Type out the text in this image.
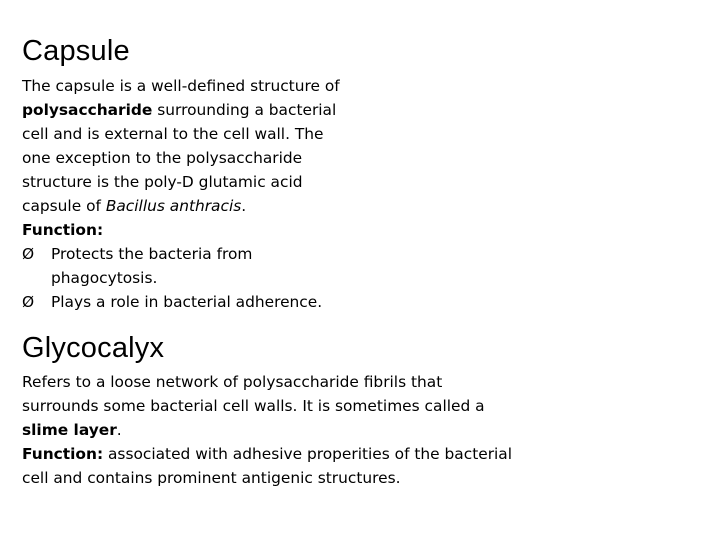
Capsule
The capsule is a well-defined structure of
polysaccharide surrounding a bacterial
cell and is external to the cell wall. The
one exception to the polysaccharide
structure is the poly-D glutamic acid
capsule of Bacillus anthracis.
Function:
Ø	Protects the bacteria from
phagocytosis.
Ø	Plays a role in bacterial adherence.
Glycocalyx
Refers to a loose network of polysaccharide fibrils that
surrounds some bacterial cell walls. It is sometimes called a
slime layer.
Function: associated with adhesive properities of the bacterial
cell and contains prominent antigenic structures.
